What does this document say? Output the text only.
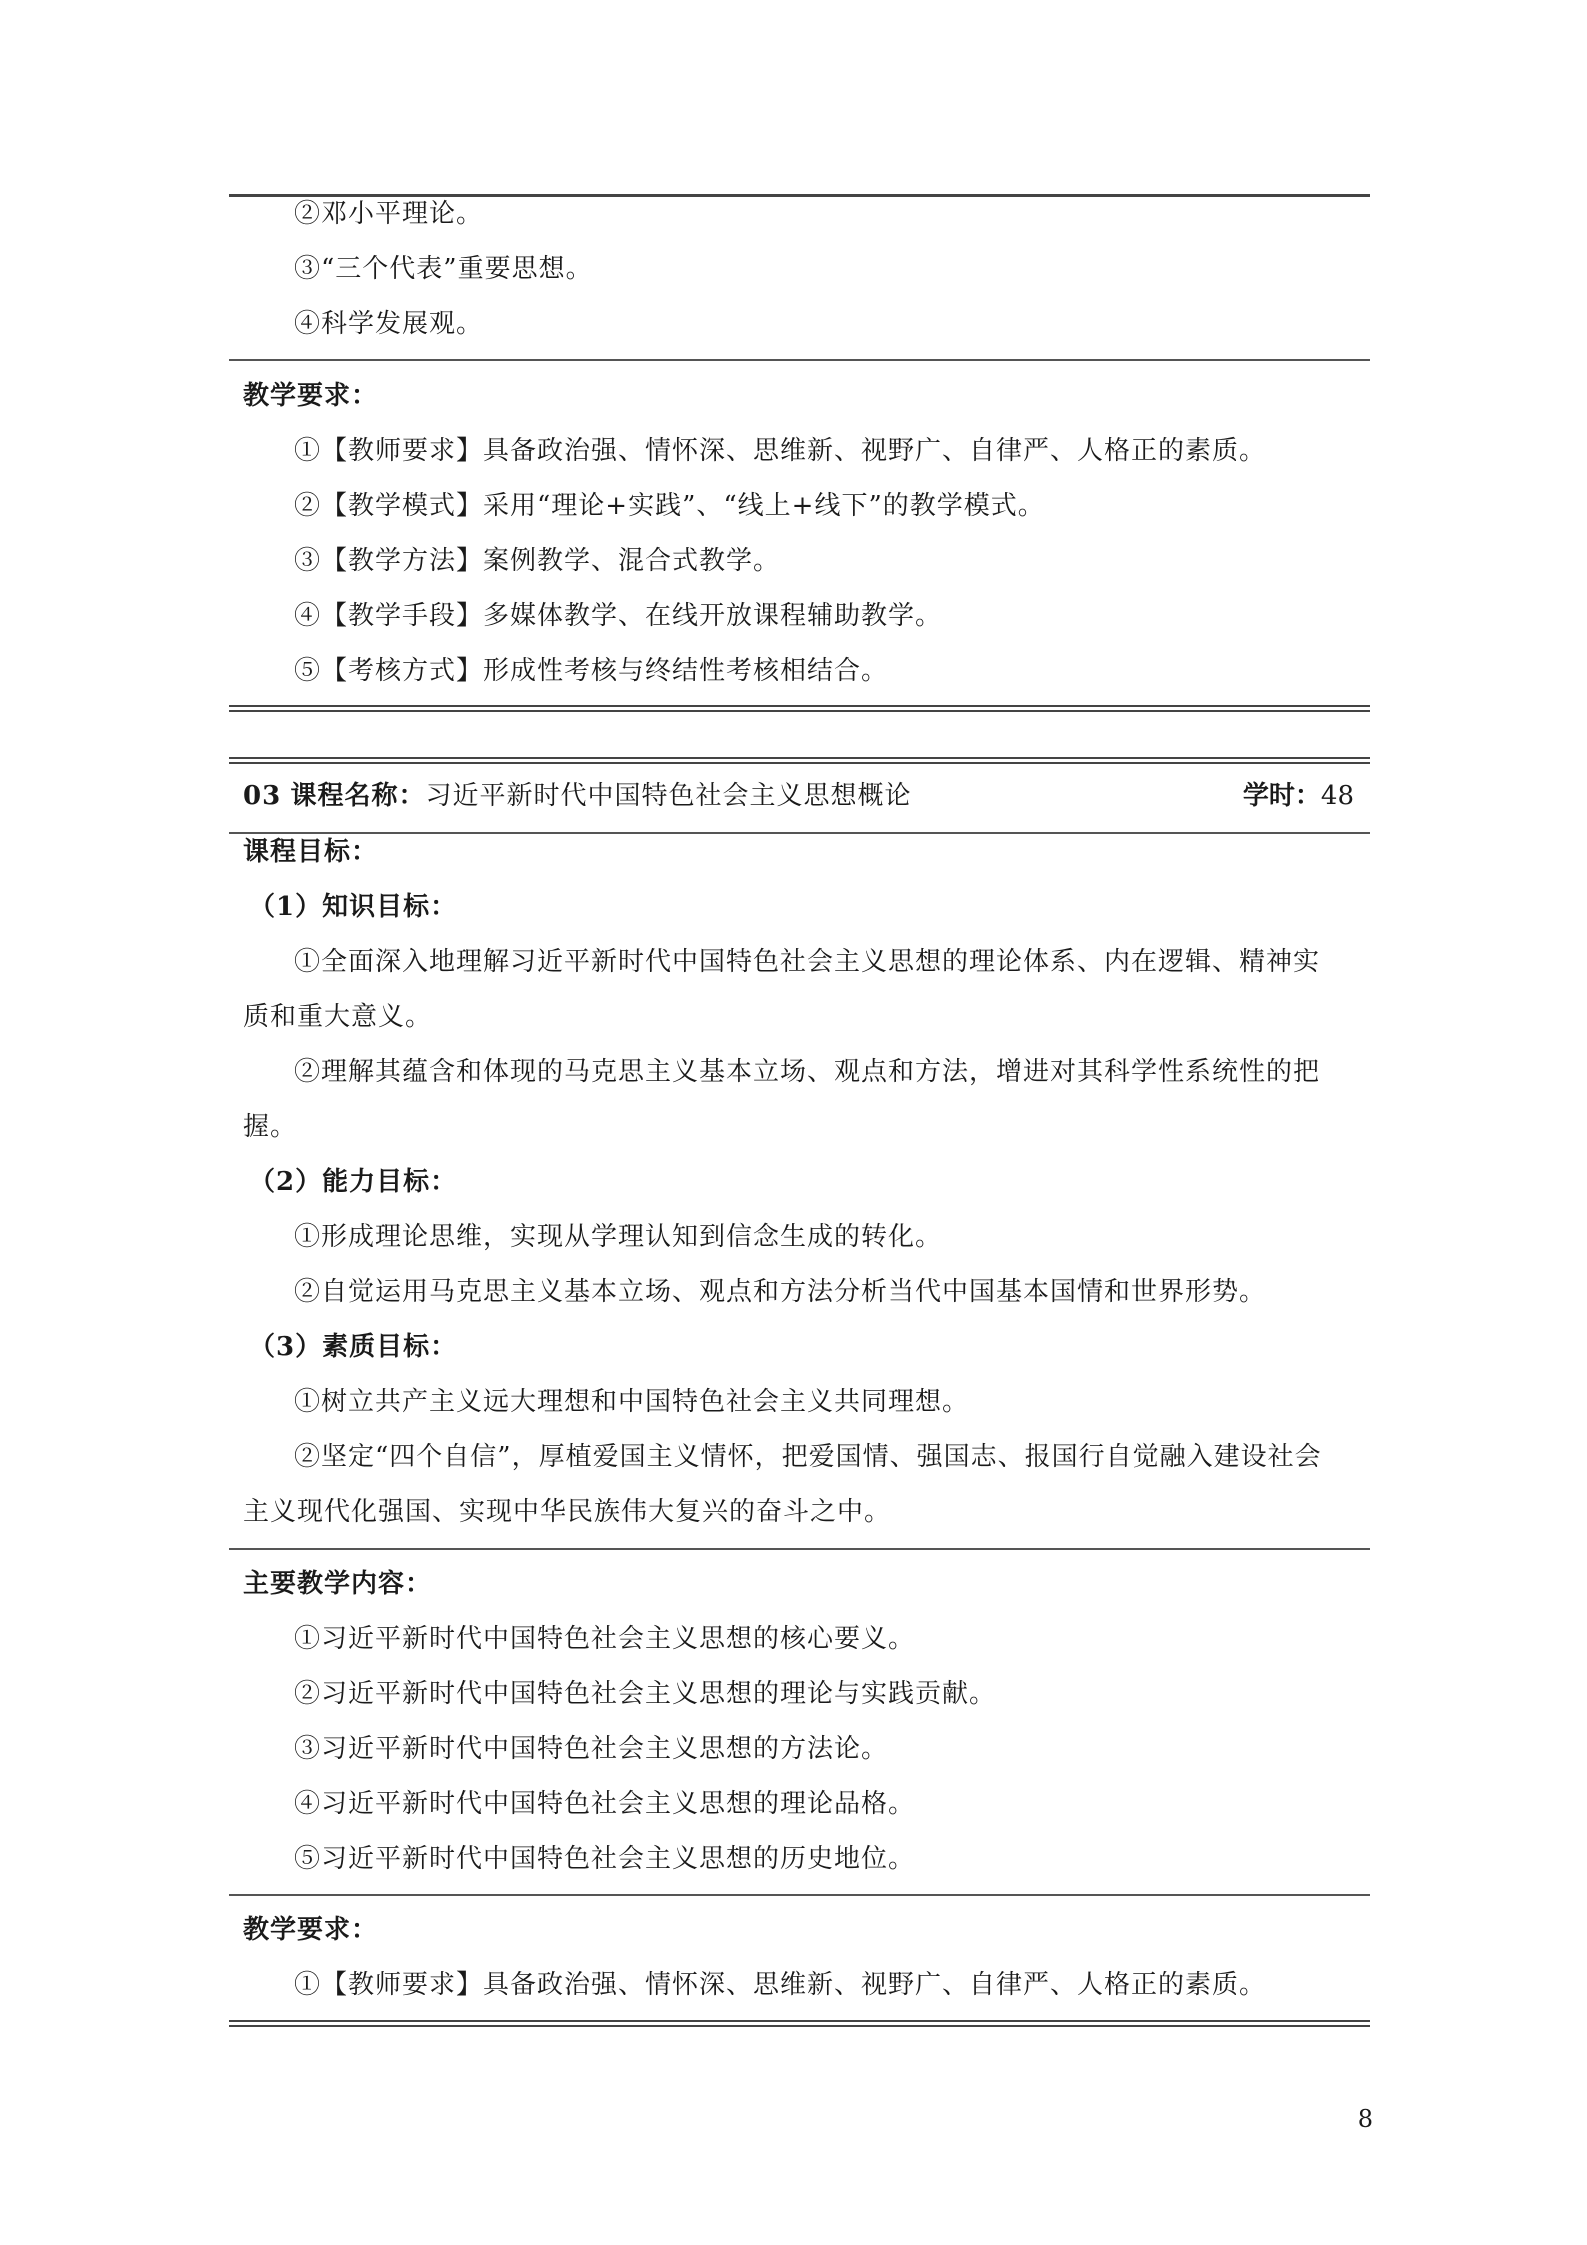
②邓小平理论。
③“三个代表”重要思想。
④科学发展观。
教学要求：
①【教师要求】具备政治强、情怀深、思维新、视野广、自律严、人格正的素质。
②【教学模式】采用“理论+实践”、“线上+线下”的教学模式。
③【教学方法】案例教学、混合式教学。
④【教学手段】多媒体教学、在线开放课程辅助教学。
⑤【考核方式】形成性考核与终结性考核相结合。
03 课程名称：习近平新时代中国特色社会主义思想概论	学时：48
课程目标：
（1）知识目标：
①全面深入地理解习近平新时代中国特色社会主义思想的理论体系、内在逻辑、精神实
质和重大意义。
②理解其蕴含和体现的马克思主义基本立场、观点和方法，增进对其科学性系统性的把
握。
（2）能力目标：
①形成理论思维，实现从学理认知到信念生成的转化。
②自觉运用马克思主义基本立场、观点和方法分析当代中国基本国情和世界形势。
（3）素质目标：
①树立共产主义远大理想和中国特色社会主义共同理想。
②坚定“四个自信”，厚植爱国主义情怀，把爱国情、强国志、报国行自觉融入建设社会
主义现代化强国、实现中华民族伟大复兴的奋斗之中。
主要教学内容：
①习近平新时代中国特色社会主义思想的核心要义。
②习近平新时代中国特色社会主义思想的理论与实践贡献。
③习近平新时代中国特色社会主义思想的方法论。
④习近平新时代中国特色社会主义思想的理论品格。
⑤习近平新时代中国特色社会主义思想的历史地位。
教学要求：
①【教师要求】具备政治强、情怀深、思维新、视野广、自律严、人格正的素质。
8
